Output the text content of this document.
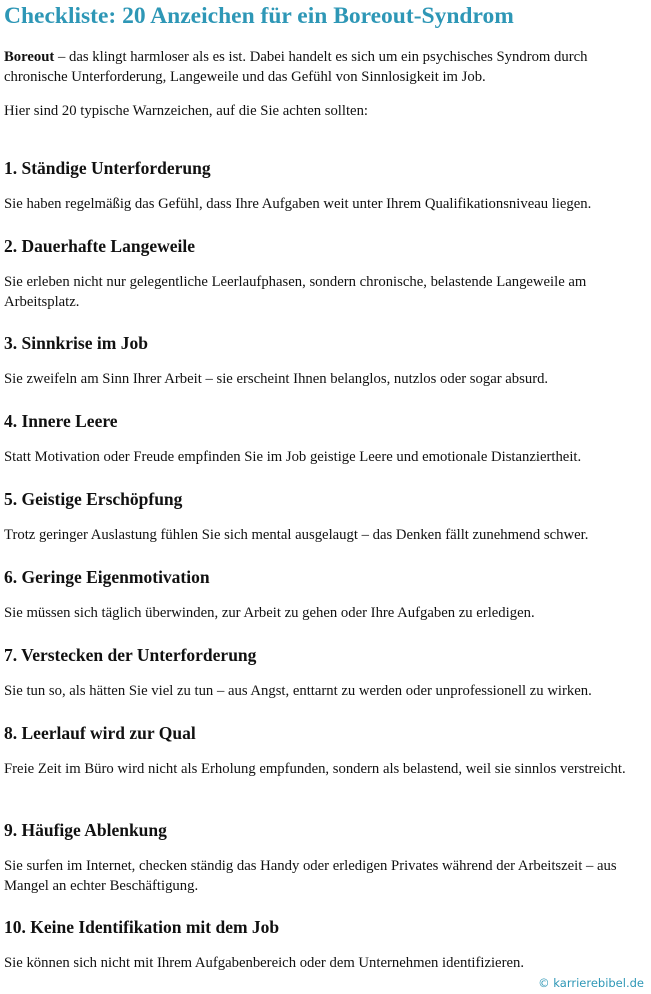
Checkliste: 20 Anzeichen für ein Boreout-Syndrom
Boreout – das klingt harmloser als es ist. Dabei handelt es sich um ein psychisches Syndrom durch chronische Unterforderung, Langeweile und das Gefühl von Sinnlosigkeit im Job.
Hier sind 20 typische Warnzeichen, auf die Sie achten sollten:
1. Ständige Unterforderung

Sie haben regelmäßig das Gefühl, dass Ihre Aufgaben weit unter Ihrem Qualifikationsniveau liegen.

2. Dauerhafte Langeweile

Sie erleben nicht nur gelegentliche Leerlaufphasen, sondern chronische, belastende Langeweile am Arbeitsplatz.

3. Sinnkrise im Job

Sie zweifeln am Sinn Ihrer Arbeit – sie erscheint Ihnen belanglos, nutzlos oder sogar absurd.

4. Innere Leere

Statt Motivation oder Freude empfinden Sie im Job geistige Leere und emotionale Distanziertheit.

5. Geistige Erschöpfung

Trotz geringer Auslastung fühlen Sie sich mental ausgelaugt – das Denken fällt zunehmend schwer.

6. Geringe Eigenmotivation

Sie müssen sich täglich überwinden, zur Arbeit zu gehen oder Ihre Aufgaben zu erledigen.

7. Verstecken der Unterforderung

Sie tun so, als hätten Sie viel zu tun – aus Angst, enttarnt zu werden oder unprofessionell zu wirken.

8. Leerlauf wird zur Qual

Freie Zeit im Büro wird nicht als Erholung empfunden, sondern als belastend, weil sie sinnlos verstreicht.

9. Häufige Ablenkung

Sie surfen im Internet, checken ständig das Handy oder erledigen Privates während der Arbeitszeit – aus Mangel an echter Beschäftigung.

10. Keine Identifikation mit dem Job

Sie können sich nicht mit Ihrem Aufgabenbereich oder dem Unternehmen identifizieren.

© karrierebibel.de
